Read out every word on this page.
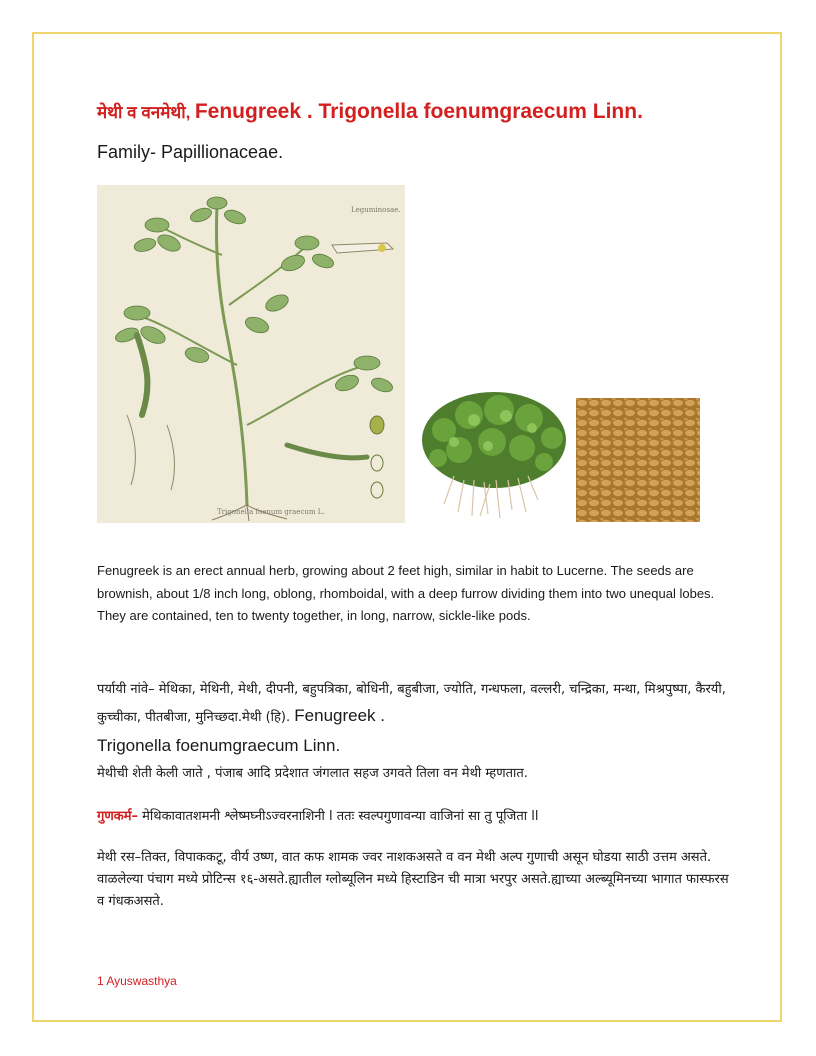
मेथी व वनमेथी, Fenugreek . Trigonella foenumgraecum Linn.
Family- Papillionaceae.
Leguminosae.
Trigonella foenum graecum L.
Fenugreek is an erect annual herb, growing about 2 feet high, similar in habit to Lucerne. The seeds are brownish, about 1/8 inch long, oblong, rhomboidal, with a deep furrow dividing them into two unequal lobes. They are contained, ten to twenty together, in long, narrow, sickle-like pods.
पर्यायी नांवे– मेथिका, मेथिनी, मेथी, दीपनी, बहुपत्रिका, बोधिनी, बहुबीजा, ज्योति, गन्धफला, वल्लरी, चन्द्रिका, मन्था, मिश्रपुष्पा, कैरयी, कुच्चीका, पीतबीजा, मुनिच्छदा.मेथी (हि). Fenugreek .
Trigonella foenumgraecum Linn.
मेथीची शेती केली जाते , पंजाब आदि प्रदेशात जंगलात सहज उगवते तिला वन मेथी म्हणतात.
गुणकर्म– मेथिकावातशमनी श्लेष्मघ्नीऽज्वरनाशिनी l ततः स्वल्पगुणावन्या वाजिनां सा तु पूजिता ll
मेथी रस–तिक्त, विपाककटू, वीर्य उष्ण, वात कफ शामक ज्वर नाशकअसते व वन मेथी अल्प गुणाची असून घोडया साठी उत्तम असते.
वाळलेल्या पंचाग मध्ये प्रोटिन्स १६-असते.ह्यातील ग्लोब्यूलिन मध्ये हिस्टाडिन ची मात्रा भरपुर असते.ह्याच्या अल्ब्यूमिनच्या भागात फास्फरस व गंधकअसते.
1 Ayuswasthya
